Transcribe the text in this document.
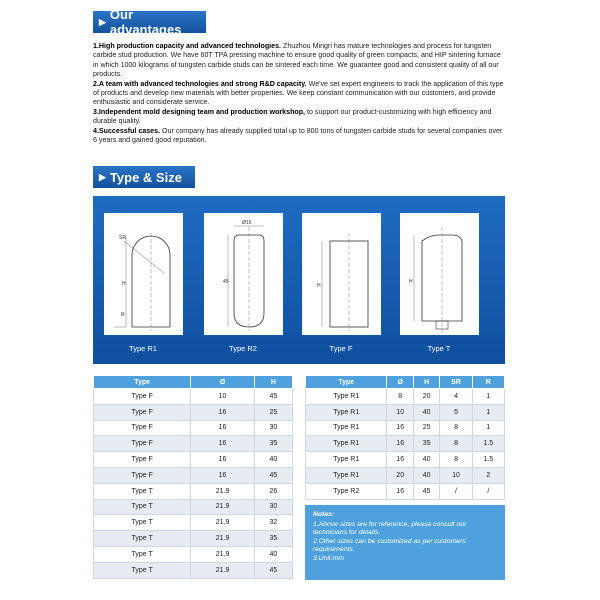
▶ Our advantages

1.High production capacity and advanced technologies. Zhuzhou Mingri has mature technologies and process for tungsten carbide stud production. We have 60T TPA pressing machine to ensure good quality of green compacts, and HIP sintering furnace in which 1000 kilograms of tungsten carbide studs can be sintered each time. We guarantee good and consistent quality of all our products.

2.A team with advanced technologies and strong R&D capacity. We've set expert engineers to track the application of this type of products and develop new materials with better properties. We keep constant communication with our customers, and provide enthusiastic and considerate service.

3.Independent mold designing team and production workshop, to support our product-customizing with high efficiency and durable quality.

4.Successful cases. Our company has already supplied total up to 800 tons of tungsten carbide studs for several companies over 6 years and gained good reputation.

▶ Type & Size
SR
H
R
Type R1
Ø16
45
Type R2
H
Type F
H
Type T
Type	Ø	H
Type F	10	45
Type F	16	25
Type F	16	30
Type F	16	35
Type F	16	40
Type F	16	45
Type T	21.9	26
Type T	21.9	30
Type T	21.9	32
Type T	21.9	35
Type T	21.9	40
Type T	21.9	45
Type	Ø	H	SR	R
Type R1	8	20	4	1
Type R1	10	40	5	1
Type R1	16	25	8	1
Type R1	16	35	8	1.5
Type R1	16	40	8	1.5
Type R1	20	40	10	2
Type R2	16	45	/	/
Notes:
1.Above sizes are for reference, please consult our technicians for details.
2.Other sizes can be customized as per customers' requirements.
3.Unit:mm
